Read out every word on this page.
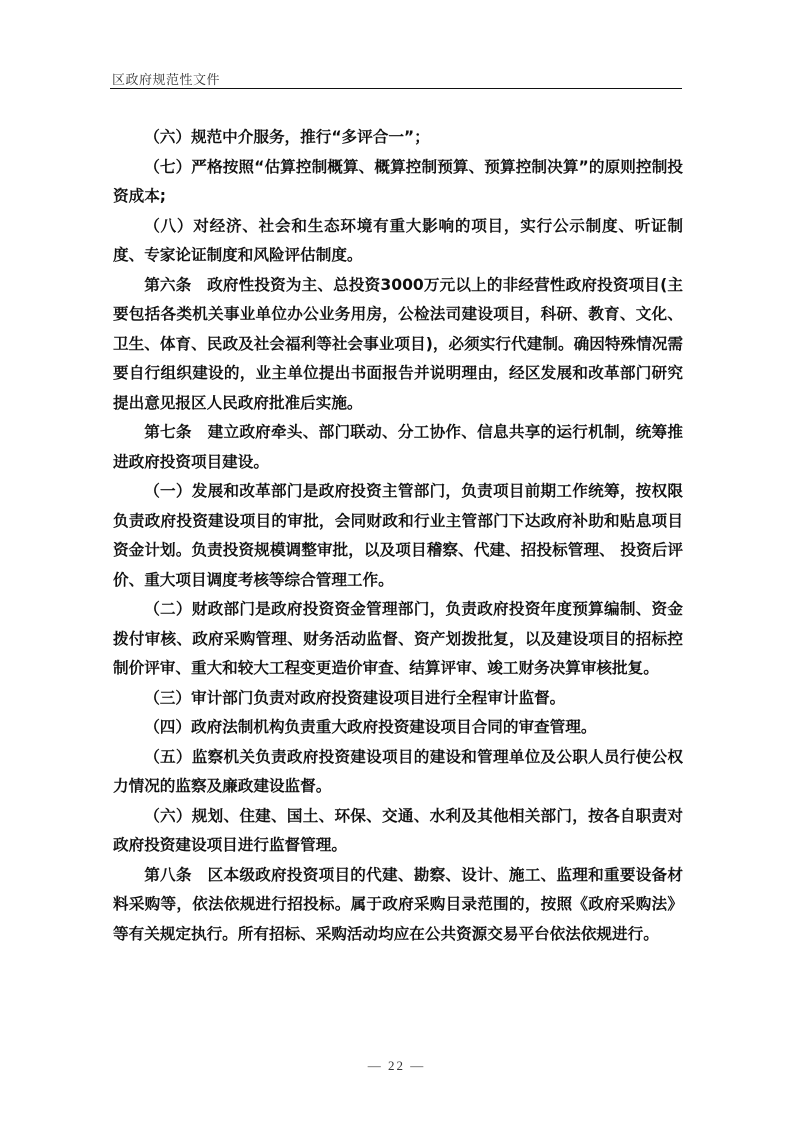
区政府规范性文件

（六）规范中介服务，推行“多评合一”；

（七）严格按照“估算控制概算、概算控制预算、预算控制决算”的原则控制投资成本;

（八）对经济、社会和生态环境有重大影响的项目，实行公示制度、听证制度、专家论证制度和风险评估制度。

第六条　政府性投资为主、总投资3000万元以上的非经营性政府投资项目(主要包括各类机关事业单位办公业务用房，公检法司建设项目，科研、教育、文化、卫生、体育、民政及社会福利等社会事业项目)，必须实行代建制。确因特殊情况需要自行组织建设的，业主单位提出书面报告并说明理由，经区发展和改革部门研究提出意见报区人民政府批准后实施。

第七条　建立政府牵头、部门联动、分工协作、信息共享的运行机制，统筹推进政府投资项目建设。

（一）发展和改革部门是政府投资主管部门，负责项目前期工作统筹，按权限负责政府投资建设项目的审批，会同财政和行业主管部门下达政府补助和贴息项目资金计划。负责投资规模调整审批，以及项目稽察、代建、招投标管理、 投资后评价、重大项目调度考核等综合管理工作。

（二）财政部门是政府投资资金管理部门，负责政府投资年度预算编制、资金拨付审核、政府采购管理、财务活动监督、资产划拨批复，以及建设项目的招标控制价评审、重大和较大工程变更造价审查、结算评审、竣工财务决算审核批复。

（三）审计部门负责对政府投资建设项目进行全程审计监督。

（四）政府法制机构负责重大政府投资建设项目合同的审查管理。

（五）监察机关负责政府投资建设项目的建设和管理单位及公职人员行使公权力情况的监察及廉政建设监督。

（六）规划、住建、国土、环保、交通、水利及其他相关部门，按各自职责对政府投资建设项目进行监督管理。

第八条　区本级政府投资项目的代建、勘察、设计、施工、监理和重要设备材料采购等，依法依规进行招投标。属于政府采购目录范围的，按照《政府采购法》等有关规定执行。所有招标、采购活动均应在公共资源交易平台依法依规进行。

— 22 —
